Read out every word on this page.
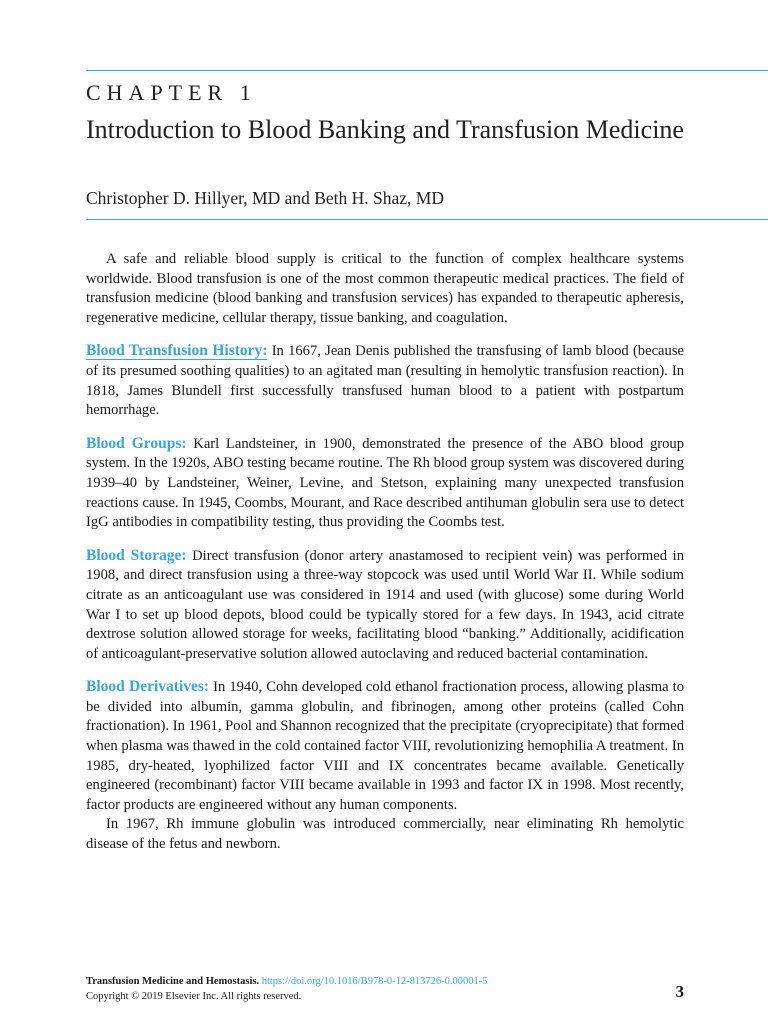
CHAPTER 1
Introduction to Blood Banking and Transfusion Medicine
Christopher D. Hillyer, MD and Beth H. Shaz, MD

A safe and reliable blood supply is critical to the function of complex healthcare systems worldwide. Blood transfusion is one of the most common therapeutic medical practices. The field of transfusion medicine (blood banking and transfusion services) has expanded to therapeutic apheresis, regenerative medicine, cellular therapy, tissue banking, and coagulation.

Blood Transfusion History: In 1667, Jean Denis published the transfusing of lamb blood (because of its presumed soothing qualities) to an agitated man (resulting in hemolytic transfusion reaction). In 1818, James Blundell first successfully transfused human blood to a patient with postpartum hemorrhage.

Blood Groups: Karl Landsteiner, in 1900, demonstrated the presence of the ABO blood group system. In the 1920s, ABO testing became routine. The Rh blood group system was discovered during 1939–40 by Landsteiner, Weiner, Levine, and Stetson, explaining many unexpected transfusion reactions cause. In 1945, Coombs, Mourant, and Race described antihuman globulin sera use to detect IgG antibodies in compatibility testing, thus providing the Coombs test.

Blood Storage: Direct transfusion (donor artery anastamosed to recipient vein) was performed in 1908, and direct transfusion using a three-way stopcock was used until World War II. While sodium citrate as an anticoagulant use was considered in 1914 and used (with glucose) some during World War I to set up blood depots, blood could be typically stored for a few days. In 1943, acid citrate dextrose solution allowed storage for weeks, facilitating blood “banking.” Additionally, acidification of anticoagulant-preservative solution allowed autoclaving and reduced bacterial contamination.

Blood Derivatives: In 1940, Cohn developed cold ethanol fractionation process, allowing plasma to be divided into albumin, gamma globulin, and fibrinogen, among other proteins (called Cohn fractionation). In 1961, Pool and Shannon recognized that the precipitate (cryoprecipitate) that formed when plasma was thawed in the cold contained factor VIII, revolutionizing hemophilia A treatment. In 1985, dry-heated, lyophilized factor VIII and IX concentrates became available. Genetically engineered (recombinant) factor VIII became available in 1993 and factor IX in 1998. Most recently, factor products are engineered without any human components.

In 1967, Rh immune globulin was introduced commercially, near eliminating Rh hemolytic disease of the fetus and newborn.

Transfusion Medicine and Hemostasis. https://doi.org/10.1016/B978-0-12-813726-0.00001-5
Copyright © 2019 Elsevier Inc. All rights reserved.	3
